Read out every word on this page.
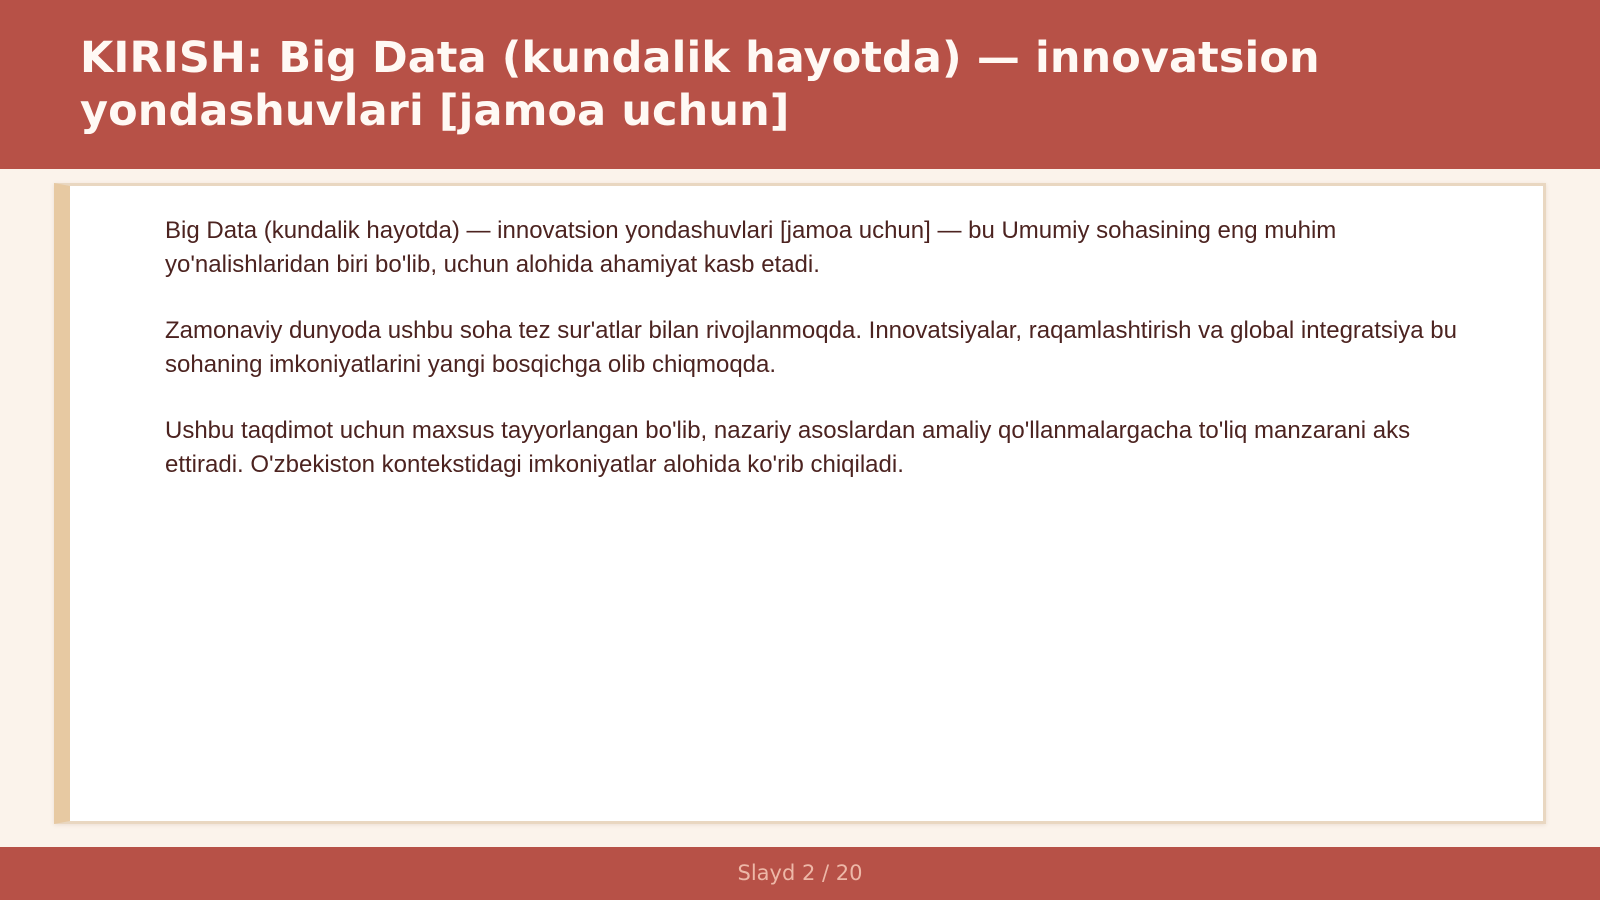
KIRISH: Big Data (kundalik hayotda) — innovatsion yondashuvlari [jamoa uchun]

Big Data (kundalik hayotda) — innovatsion yondashuvlari [jamoa uchun] — bu Umumiy sohasining eng muhim yo'nalishlaridan biri bo'lib, uchun alohida ahamiyat kasb etadi.

Zamonaviy dunyoda ushbu soha tez sur'atlar bilan rivojlanmoqda. Innovatsiyalar, raqamlashtirish va global integratsiya bu sohaning imkoniyatlarini yangi bosqichga olib chiqmoqda.

Ushbu taqdimot uchun maxsus tayyorlangan bo'lib, nazariy asoslardan amaliy qo'llanmalargacha to'liq manzarani aks ettiradi. O'zbekiston kontekstidagi imkoniyatlar alohida ko'rib chiqiladi.

Slayd 2 / 20
